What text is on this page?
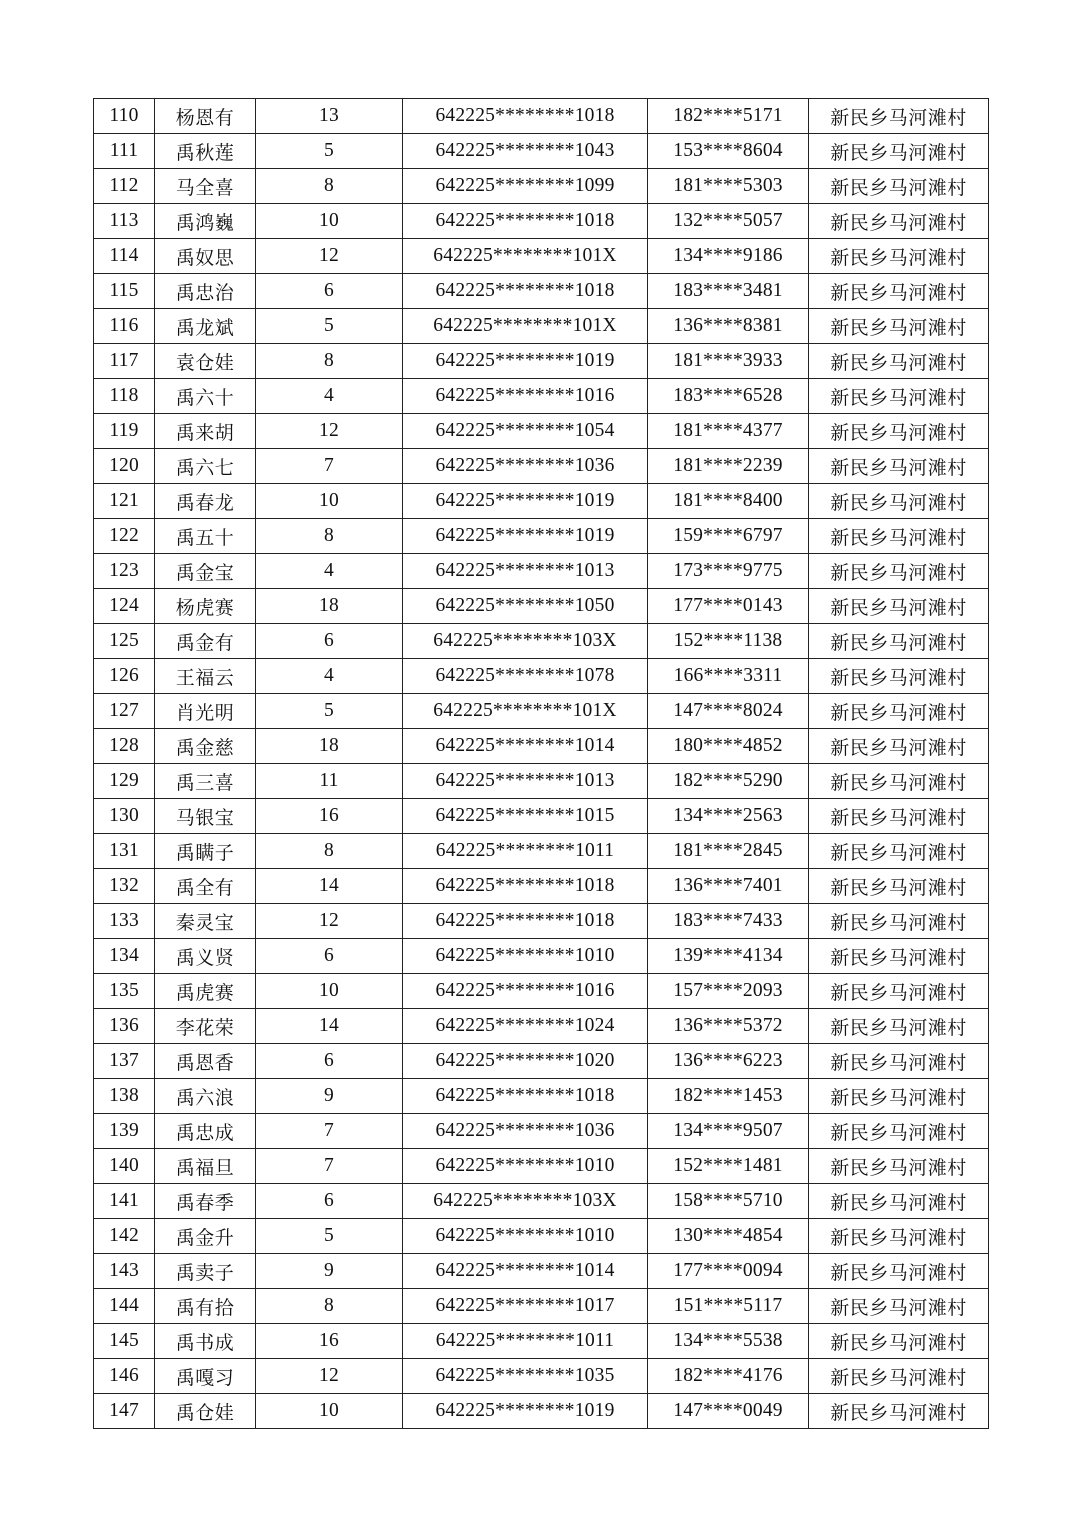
110	杨恩有	13	642225********1018	182****5171	新民乡马河滩村
111	禹秋莲	5	642225********1043	153****8604	新民乡马河滩村
112	马全喜	8	642225********1099	181****5303	新民乡马河滩村
113	禹鸿巍	10	642225********1018	132****5057	新民乡马河滩村
114	禹奴思	12	642225********101X	134****9186	新民乡马河滩村
115	禹忠治	6	642225********1018	183****3481	新民乡马河滩村
116	禹龙斌	5	642225********101X	136****8381	新民乡马河滩村
117	袁仓娃	8	642225********1019	181****3933	新民乡马河滩村
118	禹六十	4	642225********1016	183****6528	新民乡马河滩村
119	禹来胡	12	642225********1054	181****4377	新民乡马河滩村
120	禹六七	7	642225********1036	181****2239	新民乡马河滩村
121	禹春龙	10	642225********1019	181****8400	新民乡马河滩村
122	禹五十	8	642225********1019	159****6797	新民乡马河滩村
123	禹金宝	4	642225********1013	173****9775	新民乡马河滩村
124	杨虎赛	18	642225********1050	177****0143	新民乡马河滩村
125	禹金有	6	642225********103X	152****1138	新民乡马河滩村
126	王福云	4	642225********1078	166****3311	新民乡马河滩村
127	肖光明	5	642225********101X	147****8024	新民乡马河滩村
128	禹金慈	18	642225********1014	180****4852	新民乡马河滩村
129	禹三喜	11	642225********1013	182****5290	新民乡马河滩村
130	马银宝	16	642225********1015	134****2563	新民乡马河滩村
131	禹瞒子	8	642225********1011	181****2845	新民乡马河滩村
132	禹全有	14	642225********1018	136****7401	新民乡马河滩村
133	秦灵宝	12	642225********1018	183****7433	新民乡马河滩村
134	禹义贤	6	642225********1010	139****4134	新民乡马河滩村
135	禹虎赛	10	642225********1016	157****2093	新民乡马河滩村
136	李花荣	14	642225********1024	136****5372	新民乡马河滩村
137	禹恩香	6	642225********1020	136****6223	新民乡马河滩村
138	禹六浪	9	642225********1018	182****1453	新民乡马河滩村
139	禹忠成	7	642225********1036	134****9507	新民乡马河滩村
140	禹福旦	7	642225********1010	152****1481	新民乡马河滩村
141	禹春季	6	642225********103X	158****5710	新民乡马河滩村
142	禹金升	5	642225********1010	130****4854	新民乡马河滩村
143	禹卖子	9	642225********1014	177****0094	新民乡马河滩村
144	禹有拾	8	642225********1017	151****5117	新民乡马河滩村
145	禹书成	16	642225********1011	134****5538	新民乡马河滩村
146	禹嘎习	12	642225********1035	182****4176	新民乡马河滩村
147	禹仓娃	10	642225********1019	147****0049	新民乡马河滩村
